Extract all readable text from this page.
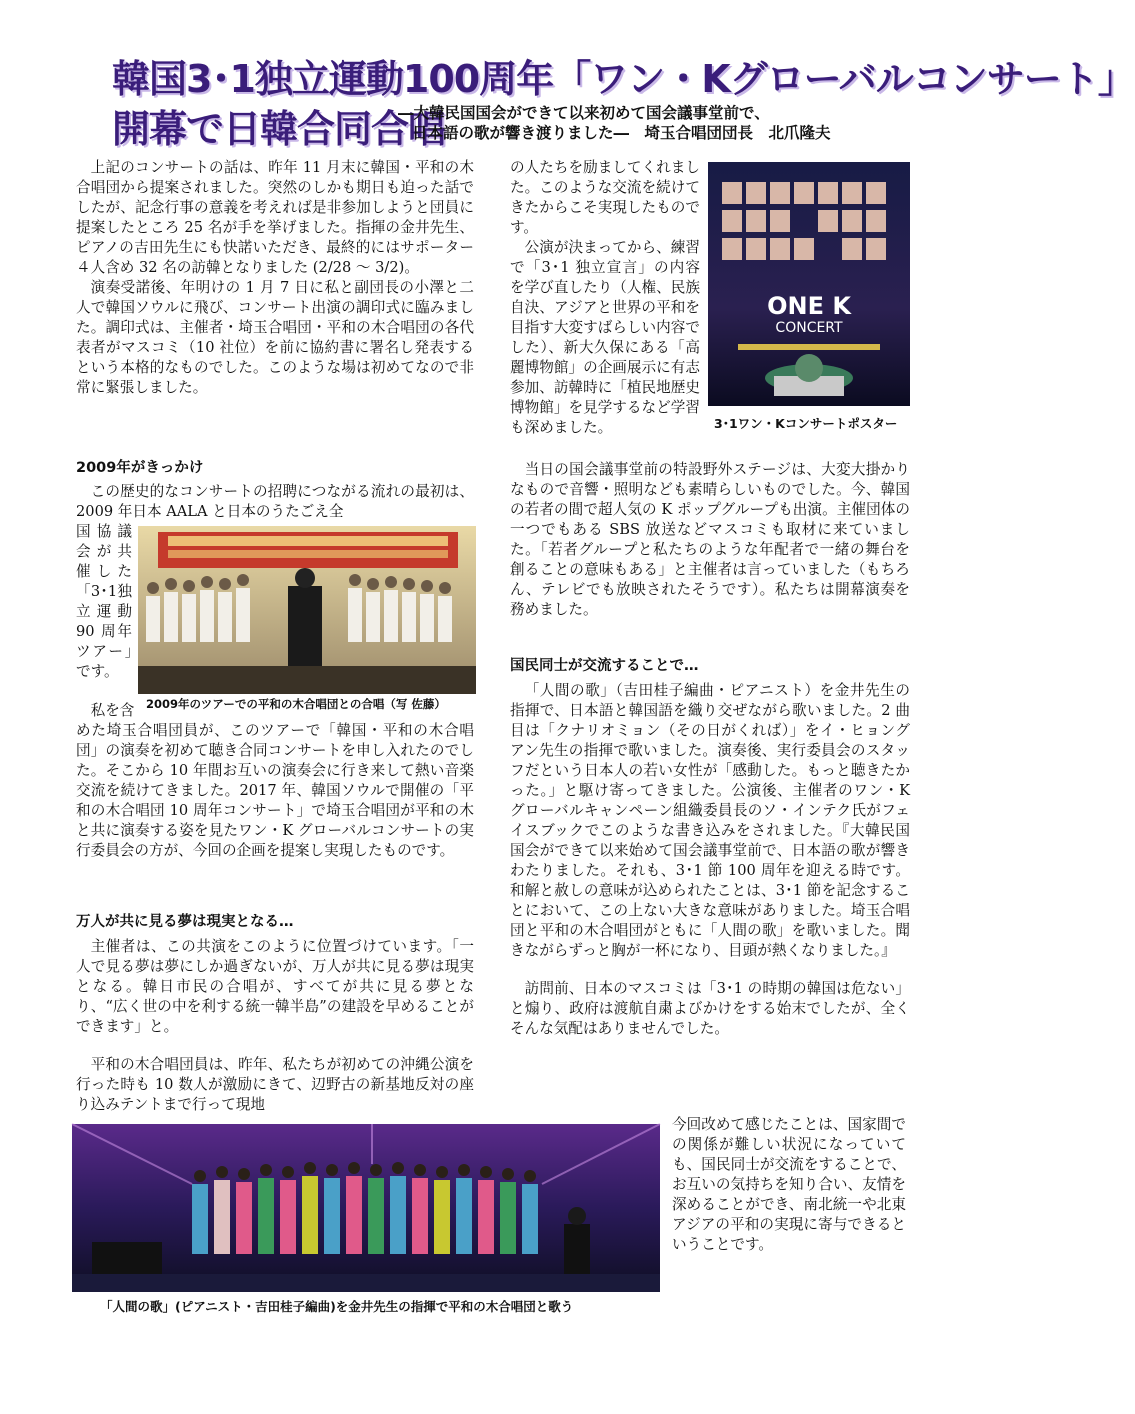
韓国3･1独立運動100周年「ワン・Kグローバルコンサート」
開幕で日韓合同合唱
―大韓民国国会ができて以来初めて国会議事堂前で、
日本語の歌が響き渡りました―　埼玉合唱団団長　北爪隆夫

上記のコンサートの話は、昨年 11 月末に韓国・平和の木合唱団から提案されました。突然のしかも期日も迫った話でしたが、記念行事の意義を考えれば是非参加しようと団員に提案したところ 25 名が手を挙げました。指揮の金井先生、ピアノの吉田先生にも快諾いただき、最終的にはサポーター４人含め 32 名の訪韓となりました (2/28 ～ 3/2)。

演奏受諾後、年明けの 1 月 7 日に私と副団長の小澤と二人で韓国ソウルに飛び、コンサート出演の調印式に臨みました。調印式は、主催者・埼玉合唱団・平和の木合唱団の各代表者がマスコミ（10 社位）を前に協約書に署名し発表するという本格的なものでした。このような場は初めてなので非常に緊張しました。

2009年がきっかけ

この歴史的なコンサートの招聘につながる流れの最初は、2009 年日本 AALA と日本のうたごえ全

国協議会が共催した「3･1独立運動 90 周年ツアー」です。

2009年のツアーでの平和の木合唱団との合唱（写 佐藤）

私を含

めた埼玉合唱団員が、このツアーで「韓国・平和の木合唱団」の演奏を初めて聴き合同コンサートを申し入れたのでした。そこから 10 年間お互いの演奏会に行き来して熱い音楽交流を続けてきました。2017 年、韓国ソウルで開催の「平和の木合唱団 10 周年コンサート」で埼玉合唱団が平和の木と共に演奏する姿を見たワン・K グローバルコンサートの実行委員会の方が、今回の企画を提案し実現したものです。

万人が共に見る夢は現実となる…

主催者は、この共演をこのように位置づけています。「一人で見る夢は夢にしか過ぎないが、万人が共に見る夢は現実となる。韓日市民の合唱が、すべてが共に見る夢となり、“広く世の中を利する統一韓半島”の建設を早めることができます」と。

平和の木合唱団員は、昨年、私たちが初めての沖縄公演を行った時も 10 数人が激励にきて、辺野古の新基地反対の座り込みテントまで行って現地

の人たちを励ましてくれました。このような交流を続けてきたからこそ実現したものです。

公演が決まってから、練習で「3･1 独立宣言」の内容を学び直したり（人権、民族自決、アジアと世界の平和を目指す大変すばらしい内容でした）、新大久保にある「高麗博物館」の企画展示に有志参加、訪韓時に「植民地歴史博物館」を見学するなど学習も深めました。

ONE K
CONCERT
3･1ワン・Kコンサートポスター

当日の国会議事堂前の特設野外ステージは、大変大掛かりなもので音響・照明なども素晴らしいものでした。今、韓国の若者の間で超人気の K ポップグループも出演。主催団体の一つでもある SBS 放送などマスコミも取材に来ていました。「若者グループと私たちのような年配者で一緒の舞台を創ることの意味もある」と主催者は言っていました（もちろん、テレビでも放映されたそうです）。私たちは開幕演奏を務めました。

国民同士が交流することで…

「人間の歌」（吉田桂子編曲・ピアニスト）を金井先生の指揮で、日本語と韓国語を織り交ぜながら歌いました。2 曲目は「クナリオミョン（その日がくれば）」をイ・ヒョングアン先生の指揮で歌いました。演奏後、実行委員会のスタッフだという日本人の若い女性が「感動した。もっと聴きたかった。」と駆け寄ってきました。公演後、主催者のワン・K グローバルキャンペーン組織委員長のソ・インテク氏がフェイスブックでこのような書き込みをされました。『大韓民国国会ができて以来始めて国会議事堂前で、日本語の歌が響きわたりました。それも、3･1 節 100 周年を迎える時です。和解と赦しの意味が込められたことは、3･1 節を記念することにおいて、この上ない大きな意味がありました。埼玉合唱団と平和の木合唱団がともに「人間の歌」を歌いました。聞きながらずっと胸が一杯になり、目頭が熱くなりました。』

訪問前、日本のマスコミは「3･1 の時期の韓国は危ない」と煽り、政府は渡航自粛よびかけをする始末でしたが、全くそんな気配はありませんでした。

今回改めて感じたことは、国家間での関係が難しい状況になっていても、国民同士が交流をすることで、お互いの気持ちを知り合い、友情を深めることができ、南北統一や北東アジアの平和の実現に寄与できるということです。

「人間の歌」(ピアニスト・吉田桂子編曲)を金井先生の指揮で平和の木合唱団と歌う
